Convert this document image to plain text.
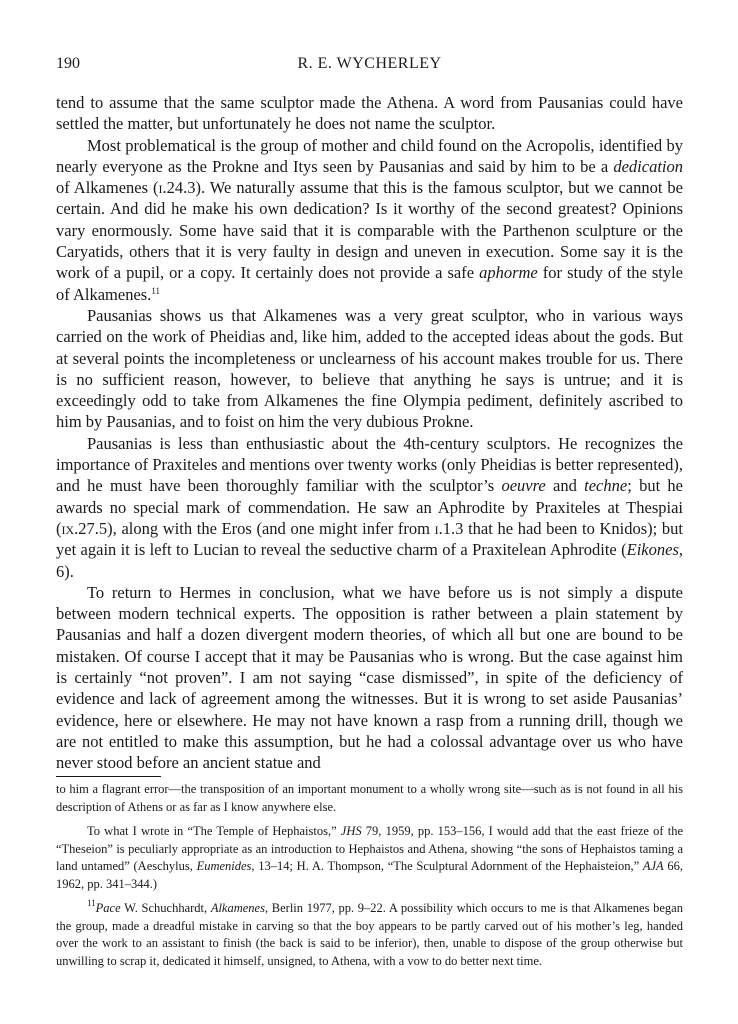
190	R. E. WYCHERLEY

tend to assume that the same sculptor made the Athena. A word from Pausanias could have settled the matter, but unfortunately he does not name the sculptor.

Most problematical is the group of mother and child found on the Acropolis, identified by nearly everyone as the Prokne and Itys seen by Pausanias and said by him to be a dedication of Alkamenes (i.24.3). We naturally assume that this is the famous sculptor, but we cannot be certain. And did he make his own dedication? Is it worthy of the second greatest? Opinions vary enormously. Some have said that it is comparable with the Parthenon sculpture or the Caryatids, others that it is very faulty in design and uneven in execution. Some say it is the work of a pupil, or a copy. It certainly does not provide a safe aphorme for study of the style of Alkamenes.$^{11}$

Pausanias shows us that Alkamenes was a very great sculptor, who in various ways carried on the work of Pheidias and, like him, added to the accepted ideas about the gods. But at several points the incompleteness or unclearness of his account makes trouble for us. There is no sufficient reason, however, to believe that anything he says is untrue; and it is exceedingly odd to take from Alkamenes the fine Olympia pediment, definitely ascribed to him by Pausanias, and to foist on him the very dubious Prokne.

Pausanias is less than enthusiastic about the 4th-century sculptors. He recognizes the importance of Praxiteles and mentions over twenty works (only Pheidias is better represented), and he must have been thoroughly familiar with the sculptor’s oeuvre and techne; but he awards no special mark of commendation. He saw an Aphrodite by Praxiteles at Thespiai (ix.27.5), along with the Eros (and one might infer from i.1.3 that he had been to Knidos); but yet again it is left to Lucian to reveal the seductive charm of a Praxitelean Aphrodite (Eikones, 6).

To return to Hermes in conclusion, what we have before us is not simply a dispute between modern technical experts. The opposition is rather between a plain statement by Pausanias and half a dozen divergent modern theories, of which all but one are bound to be mistaken. Of course I accept that it may be Pausanias who is wrong. But the case against him is certainly “not proven”. I am not saying “case dismissed”, in spite of the deficiency of evidence and lack of agreement among the witnesses. But it is wrong to set aside Pausanias’ evidence, here or elsewhere. He may not have known a rasp from a running drill, though we are not entitled to make this assumption, but he had a colossal advantage over us who have never stood before an ancient statue and

to him a flagrant error—the transposition of an important monument to a wholly wrong site—such as is not found in all his description of Athens or as far as I know anywhere else.

To what I wrote in “The Temple of Hephaistos,” JHS 79, 1959, pp. 153–156, I would add that the east frieze of the “Theseion” is peculiarly appropriate as an introduction to Hephaistos and Athena, showing “the sons of Hephaistos taming a land untamed” (Aeschylus, Eumenides, 13–14; H. A. Thompson, “The Sculptural Adornment of the Hephaisteion,” AJA 66, 1962, pp. 341–344.)

$^{11}$Pace W. Schuchhardt, Alkamenes, Berlin 1977, pp. 9–22. A possibility which occurs to me is that Alkamenes began the group, made a dreadful mistake in carving so that the boy appears to be partly carved out of his mother’s leg, handed over the work to an assistant to finish (the back is said to be inferior), then, unable to dispose of the group otherwise but unwilling to scrap it, dedicated it himself, unsigned, to Athena, with a vow to do better next time.
